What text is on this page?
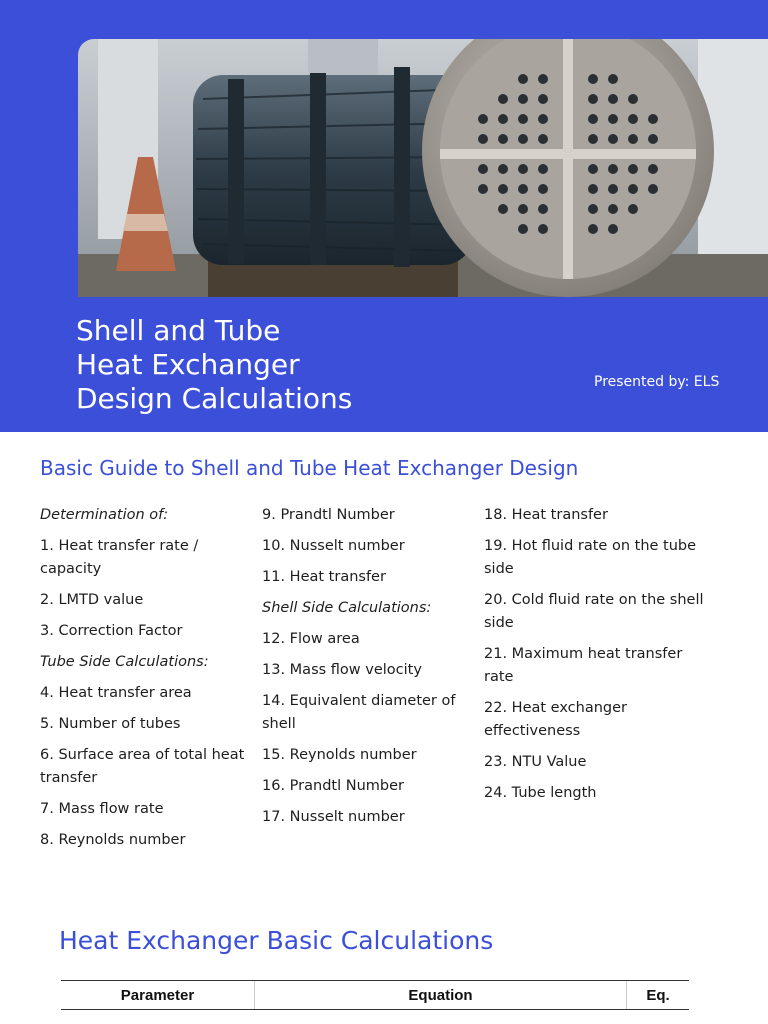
Shell and Tube
Heat Exchanger
Design Calculations	Presented by: ELS
Basic Guide to Shell and Tube Heat Exchanger Design
Determination of:
1. Heat transfer rate / capacity
2. LMTD value
3. Correction Factor
Tube Side Calculations:
4. Heat transfer area
5. Number of tubes
6. Surface area of total heat transfer
7. Mass flow rate
8. Reynolds number
9. Prandtl Number
10. Nusselt number
11. Heat transfer
Shell Side Calculations:
12. Flow area
13. Mass flow velocity
14. Equivalent diameter of shell
15. Reynolds number
16. Prandtl Number
17. Nusselt number
18. Heat transfer
19. Hot fluid rate on the tube side
20. Cold fluid rate on the shell side
21. Maximum heat transfer rate
22. Heat exchanger effectiveness
23. NTU Value
24. Tube length
Heat Exchanger Basic Calculations
Parameter	Equation	Eq.
